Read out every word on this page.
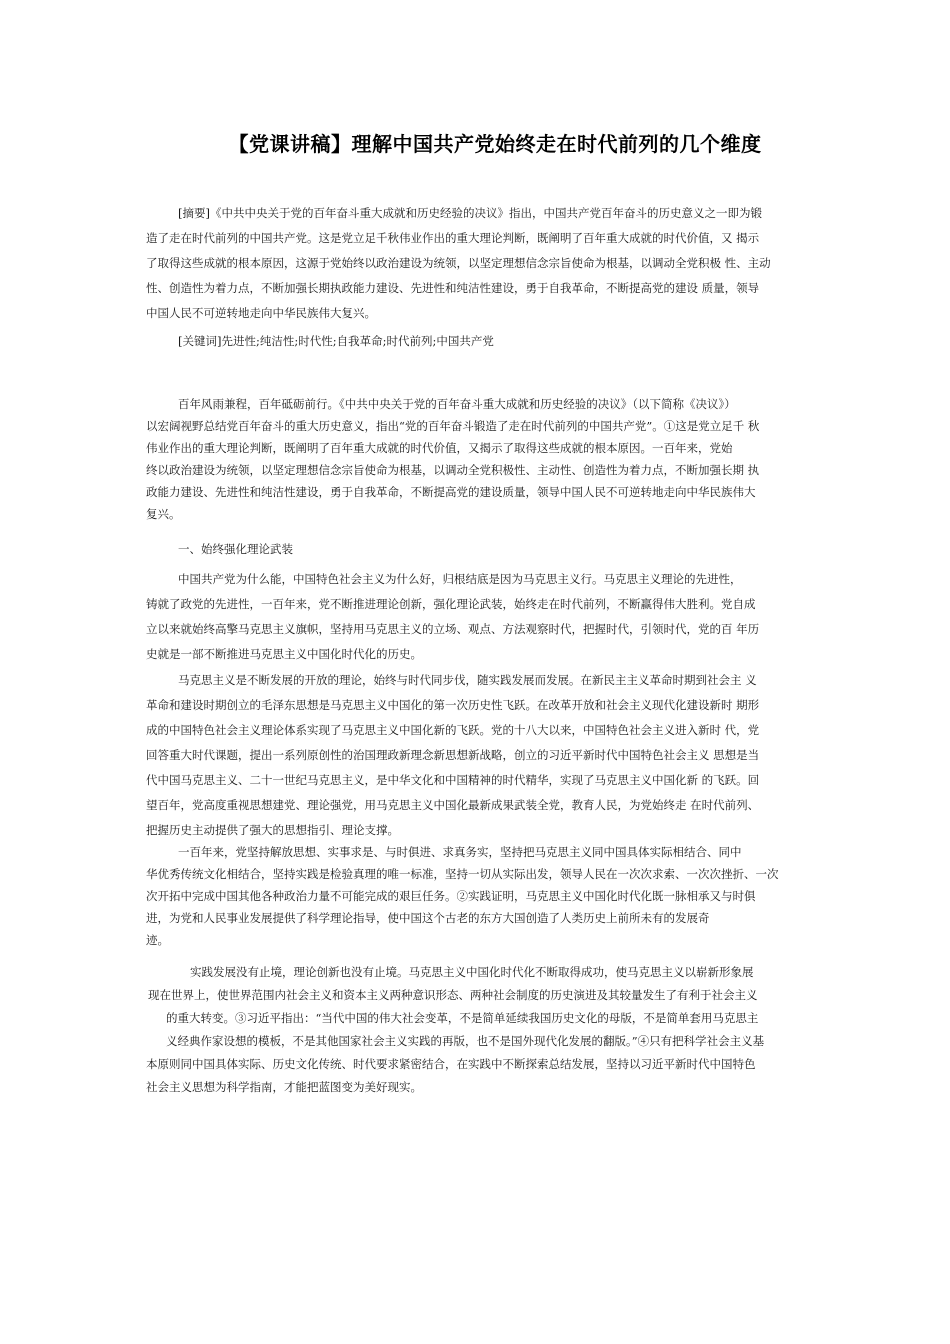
【党课讲稿】理解中国共产党始终走在时代前列的几个维度

[摘要]《中共中央关于党的百年奋斗重大成就和历史经验的决议》指出，中国共产党百年奋斗的历史意义之一即为锻

造了走在时代前列的中国共产党。这是党立足千秋伟业作出的重大理论判断，既阐明了百年重大成就的时代价值，又 揭示

了取得这些成就的根本原因，这源于党始终以政治建设为统领，以坚定理想信念宗旨使命为根基，以调动全党积极 性、主动

性、创造性为着力点，不断加强长期执政能力建设、先进性和纯洁性建设，勇于自我革命，不断提高党的建设 质量，领导

中国人民不可逆转地走向中华民族伟大复兴。

[关键词]先进性;纯洁性;时代性;自我革命;时代前列;中国共产党

百年风雨兼程，百年砥砺前行。《中共中央关于党的百年奋斗重大成就和历史经验的决议》（以下简称《决议》）

以宏阔视野总结党百年奋斗的重大历史意义，指出“党的百年奋斗锻造了走在时代前列的中国共产党”。①这是党立足千 秋

伟业作出的重大理论判断，既阐明了百年重大成就的时代价值，又揭示了取得这些成就的根本原因。一百年来，党始

终以政治建设为统领，以坚定理想信念宗旨使命为根基，以调动全党积极性、主动性、创造性为着力点，不断加强长期 执

政能力建设、先进性和纯洁性建设，勇于自我革命，不断提高党的建设质量，领导中国人民不可逆转地走向中华民族伟大

复兴。

一、始终强化理论武装

中国共产党为什么能，中国特色社会主义为什么好，归根结底是因为马克思主义行。马克思主义理论的先进性，

铸就了政党的先进性，一百年来，党不断推进理论创新，强化理论武装，始终走在时代前列，不断赢得伟大胜利。党自成

立以来就始终高擎马克思主义旗帜，坚持用马克思主义的立场、观点、方法观察时代，把握时代，引领时代，党的百 年历

史就是一部不断推进马克思主义中国化时代化的历史。

马克思主义是不断发展的开放的理论，始终与时代同步伐，随实践发展而发展。在新民主主义革命时期到社会主 义

革命和建设时期创立的毛泽东思想是马克思主义中国化的第一次历史性飞跃。在改革开放和社会主义现代化建设新时 期形

成的中国特色社会主义理论体系实现了马克思主义中国化新的飞跃。党的十八大以来，中国特色社会主义进入新时 代，党

回答重大时代课题，提出一系列原创性的治国理政新理念新思想新战略，创立的习近平新时代中国特色社会主义 思想是当

代中国马克思主义、二十一世纪马克思主义，是中华文化和中国精神的时代精华，实现了马克思主义中国化新 的飞跃。回

望百年，党高度重视思想建党、理论强党，用马克思主义中国化最新成果武装全党，教育人民，为党始终走 在时代前列、

把握历史主动提供了强大的思想指引、理论支撑。

一百年来，党坚持解放思想、实事求是、与时俱进、求真务实，坚持把马克思主义同中国具体实际相结合、同中

华优秀传统文化相结合，坚持实践是检验真理的唯一标准，坚持一切从实际出发，领导人民在一次次求索、一次次挫折、一次

次开拓中完成中国其他各种政治力量不可能完成的艰巨任务。②实践证明，马克思主义中国化时代化既一脉相承又与时俱

进，为党和人民事业发展提供了科学理论指导，使中国这个古老的东方大国创造了人类历史上前所未有的发展奇

迹。

实践发展没有止境，理论创新也没有止境。马克思主义中国化时代化不断取得成功，使马克思主义以崭新形象展

现在世界上，使世界范围内社会主义和资本主义两种意识形态、两种社会制度的历史演进及其较量发生了有利于社会主义

的重大转变。③习近平指出：“当代中国的伟大社会变革，不是简单延续我国历史文化的母版，不是简单套用马克思主

义经典作家设想的模板，不是其他国家社会主义实践的再版，也不是国外现代化发展的翻版。”④只有把科学社会主义基

本原则同中国具体实际、历史文化传统、时代要求紧密结合，在实践中不断探索总结发展，坚持以习近平新时代中国特色

社会主义思想为科学指南，才能把蓝图变为美好现实。
